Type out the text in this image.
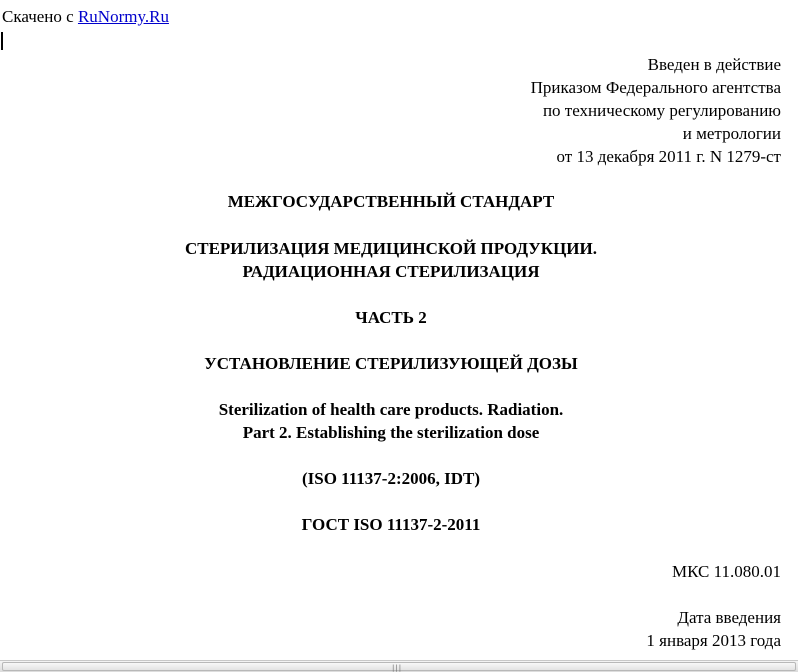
Скачено с RuNormy.Ru
Введен в действие
Приказом Федерального агентства
по техническому регулированию
и метрологии
от 13 декабря 2011 г. N 1279-ст
МЕЖГОСУДАРСТВЕННЫЙ СТАНДАРТ
СТЕРИЛИЗАЦИЯ МЕДИЦИНСКОЙ ПРОДУКЦИИ.
РАДИАЦИОННАЯ СТЕРИЛИЗАЦИЯ
ЧАСТЬ 2
УСТАНОВЛЕНИЕ СТЕРИЛИЗУЮЩЕЙ ДОЗЫ
Sterilization of health care products. Radiation.
Part 2. Establishing the sterilization dose
(ISO 11137-2:2006, IDT)
ГОСТ ISO 11137-2-2011
МКС 11.080.01
Дата введения
1 января 2013 года
|||
